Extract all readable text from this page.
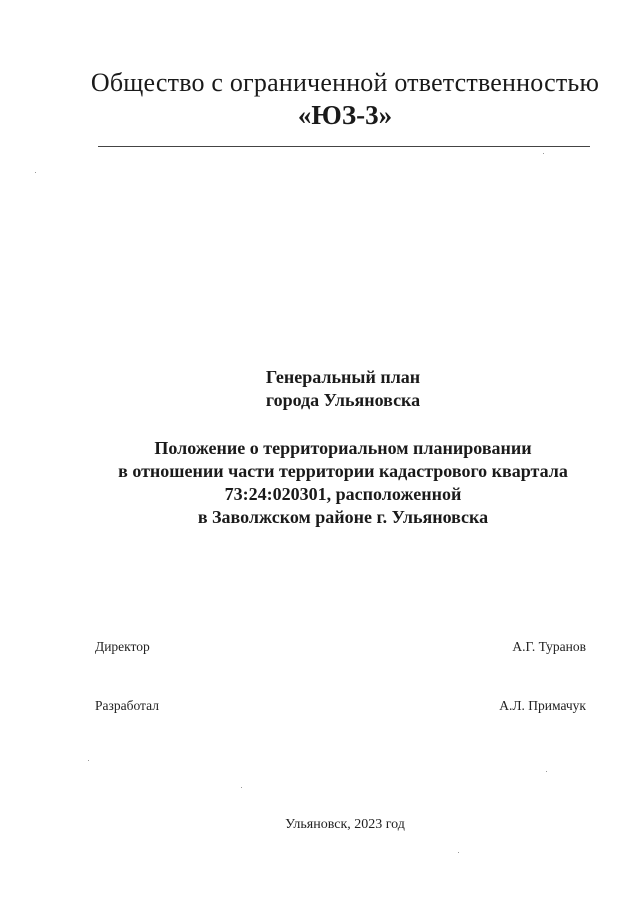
Общество с ограниченной ответственностью
«ЮЗ-3»
Генеральный план
города Ульяновска
Положение о территориальном планировании
в отношении части территории кадастрового квартала
73:24:020301, расположенной
в Заволжском районе г. Ульяновска
Директор	А.Г. Туранов
Разработал	А.Л. Примачук
Ульяновск, 2023 год
